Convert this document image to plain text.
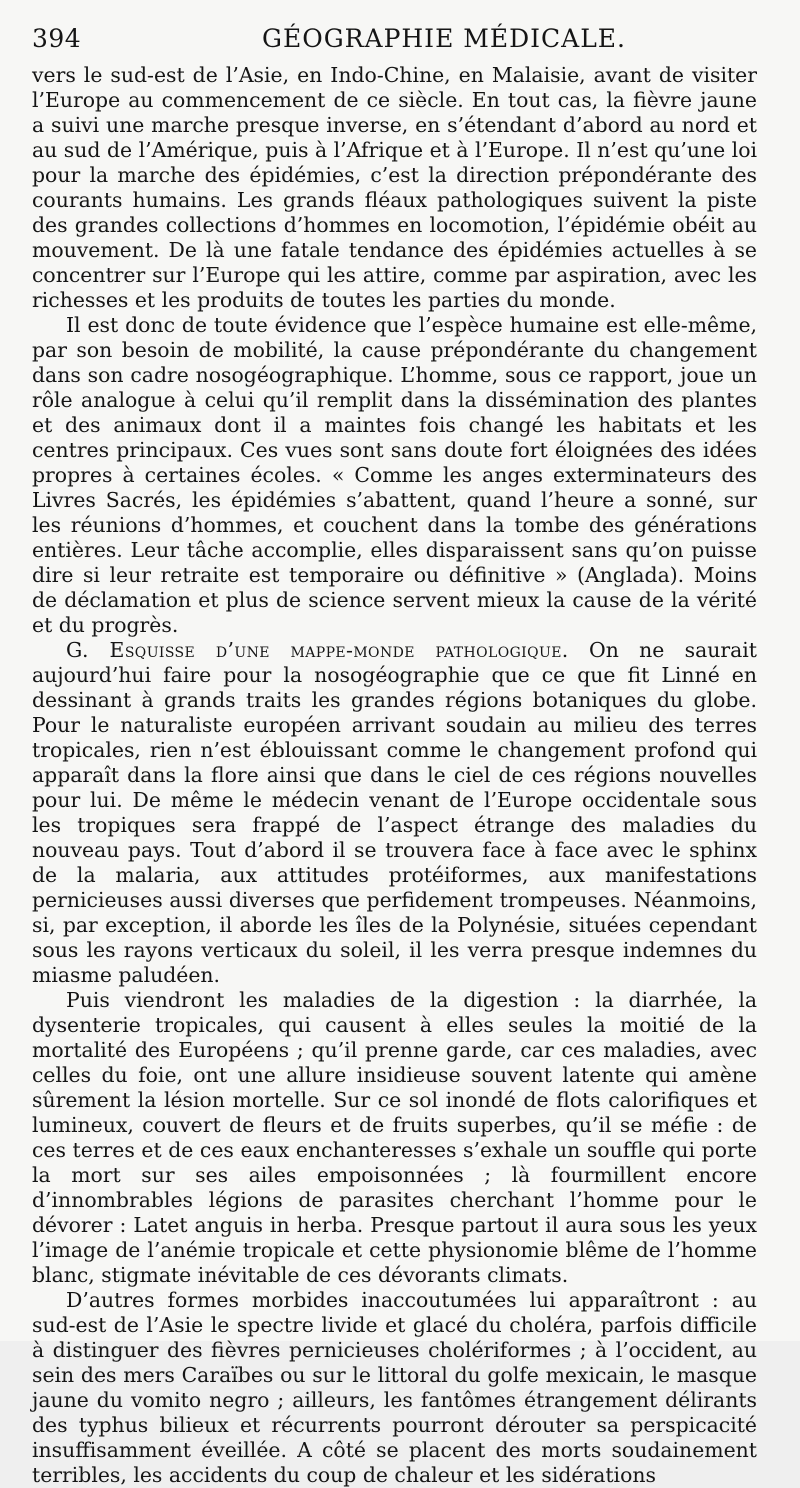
394	GÉOGRAPHIE MÉDICALE.

vers le sud-est de l’Asie, en Indo-Chine, en Malaisie, avant de visiter l’Europe au commencement de ce siècle. En tout cas, la fièvre jaune a suivi une marche presque inverse, en s’étendant d’abord au nord et au sud de l’Amérique, puis à l’Afrique et à l’Europe. Il n’est qu’une loi pour la marche des épidémies, c’est la direction prépondérante des courants humains. Les grands fléaux pathologiques suivent la piste des grandes collections d’hommes en locomotion, l’épidémie obéit au mouvement. De là une fatale tendance des épidémies actuelles à se concentrer sur l’Europe qui les attire, comme par aspiration, avec les richesses et les produits de toutes les parties du monde.

Il est donc de toute évidence que l’espèce humaine est elle-même, par son besoin de mobilité, la cause prépondérante du changement dans son cadre nosogéographique. L’homme, sous ce rapport, joue un rôle analogue à celui qu’il remplit dans la dissémination des plantes et des animaux dont il a maintes fois changé les habitats et les centres principaux. Ces vues sont sans doute fort éloignées des idées propres à certaines écoles. « Comme les anges exterminateurs des Livres Sacrés, les épidémies s’abattent, quand l’heure a sonné, sur les réunions d’hommes, et couchent dans la tombe des générations entières. Leur tâche accomplie, elles disparaissent sans qu’on puisse dire si leur retraite est temporaire ou définitive » (Anglada). Moins de déclamation et plus de science servent mieux la cause de la vérité et du progrès.

G. Esquisse d’une mappe-monde pathologique. On ne saurait aujourd’hui faire pour la nosogéographie que ce que fit Linné en dessinant à grands traits les grandes régions botaniques du globe. Pour le naturaliste européen arrivant soudain au milieu des terres tropicales, rien n’est éblouissant comme le changement profond qui apparaît dans la flore ainsi que dans le ciel de ces régions nouvelles pour lui. De même le médecin venant de l’Europe occidentale sous les tropiques sera frappé de l’aspect étrange des maladies du nouveau pays. Tout d’abord il se trouvera face à face avec le sphinx de la malaria, aux attitudes protéiformes, aux manifestations pernicieuses aussi diverses que perfidement trompeuses. Néanmoins, si, par exception, il aborde les îles de la Polynésie, situées cependant sous les rayons verticaux du soleil, il les verra presque indemnes du miasme paludéen.

Puis viendront les maladies de la digestion : la diarrhée, la dysenterie tropicales, qui causent à elles seules la moitié de la mortalité des Européens ; qu’il prenne garde, car ces maladies, avec celles du foie, ont une allure insidieuse souvent latente qui amène sûrement la lésion mortelle. Sur ce sol inondé de flots calorifiques et lumineux, couvert de fleurs et de fruits superbes, qu’il se méfie : de ces terres et de ces eaux enchanteresses s’exhale un souffle qui porte la mort sur ses ailes empoisonnées ; là fourmillent encore d’innombrables légions de parasites cherchant l’homme pour le dévorer : Latet anguis in herba. Presque partout il aura sous les yeux l’image de l’anémie tropicale et cette physionomie blême de l’homme blanc, stigmate inévitable de ces dévorants climats.

D’autres formes morbides inaccoutumées lui apparaîtront : au sud-est de l’Asie le spectre livide et glacé du choléra, parfois difficile à distinguer des fièvres pernicieuses cholériformes ; à l’occident, au sein des mers Caraïbes ou sur le littoral du golfe mexicain, le masque jaune du vomito negro ; ailleurs, les fantômes étrangement délirants des typhus bilieux et récurrents pourront dérouter sa perspicacité insuffisamment éveillée. A côté se placent des morts soudainement terribles, les accidents du coup de chaleur et les sidérations
